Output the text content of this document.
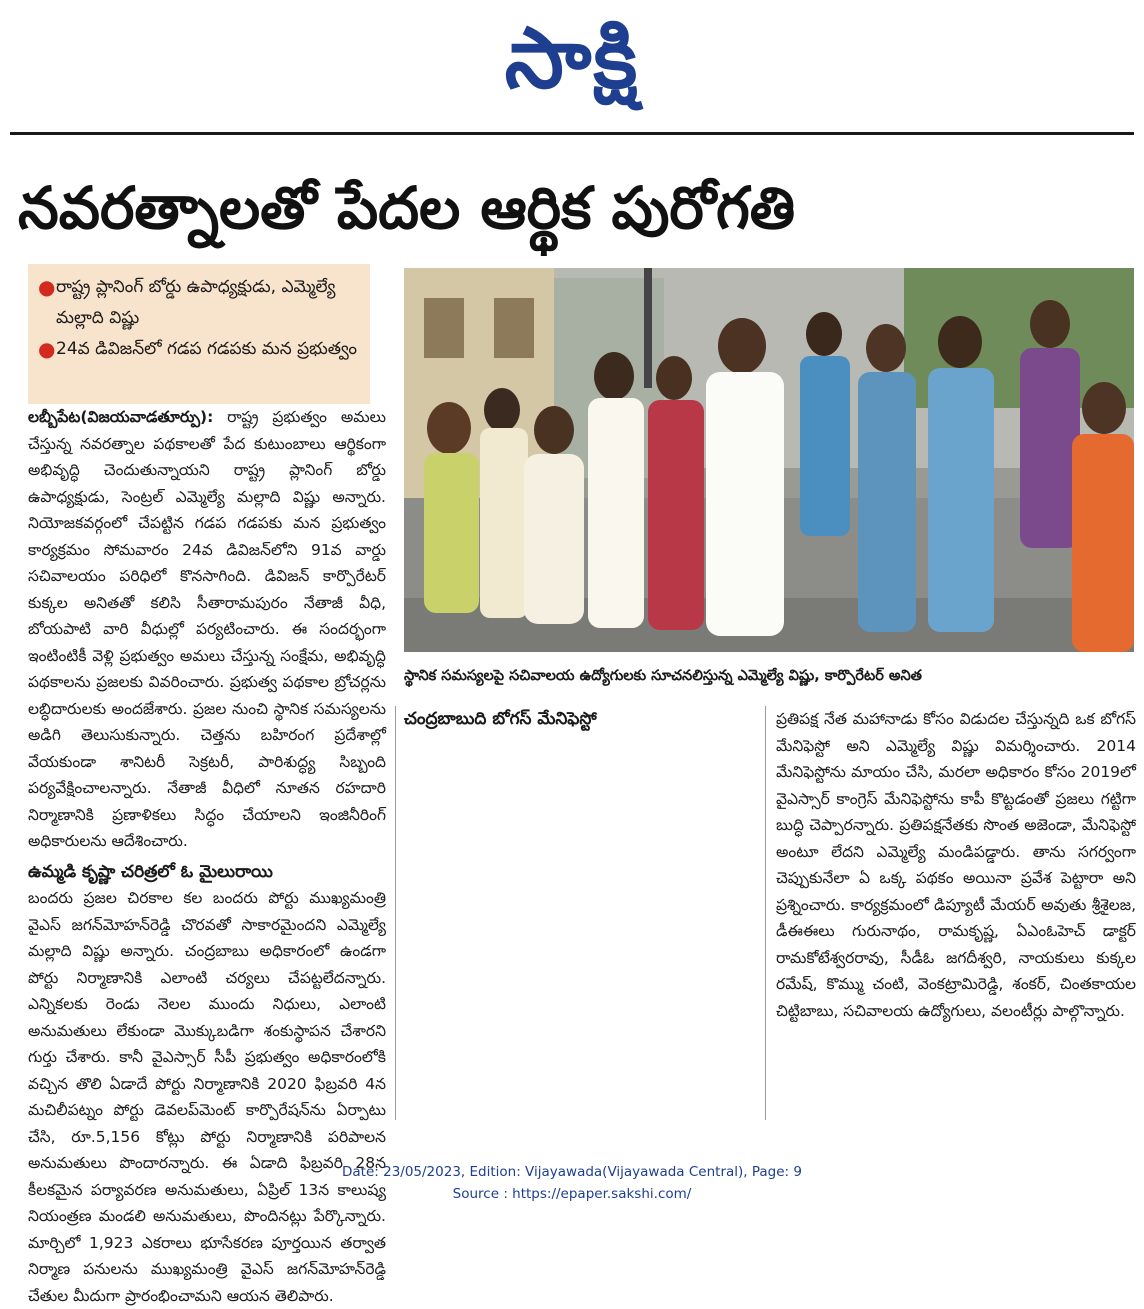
సాక్షి
నవరత్నాలతో పేదల ఆర్థిక పురోగతి
● రాష్ట్ర ప్లానింగ్ బోర్డు ఉపాధ్యక్షుడు, ఎమ్మెల్యే మల్లాది విష్ణు
● 24వ డివిజన్‌లో గడప గడపకు మన ప్రభుత్వం
స్థానిక సమస్యలపై సచివాలయ ఉద్యోగులకు సూచనలిస్తున్న ఎమ్మెల్యే విష్ణు, కార్పొరేటర్ అనిత

లబ్బీపేట(విజయవాడతూర్పు): రాష్ట్ర ప్రభుత్వం అమలు చేస్తున్న నవరత్నాల పథకాలతో పేద కుటుంబాలు ఆర్థికంగా అభివృద్ధి చెందుతున్నాయని రాష్ట్ర ప్లానింగ్ బోర్డు ఉపాధ్యక్షుడు, సెంట్రల్ ఎమ్మెల్యే మల్లాది విష్ణు అన్నారు. నియోజకవర్గంలో చేపట్టిన గడప గడపకు మన ప్రభుత్వం కార్యక్రమం సోమవారం 24వ డివిజన్‌లోని 91వ వార్డు సచివాలయం పరిధిలో కొనసాగింది. డివిజన్ కార్పొరేటర్ కుక్కల అనితతో కలిసి సీతారామపురం నేతాజీ వీధి, బోయపాటి వారి వీధుల్లో పర్యటించారు. ఈ సందర్భంగా ఇంటింటికీ వెళ్లి ప్రభుత్వం అమలు చేస్తున్న సంక్షేమ, అభివృద్ధి పథకాలను ప్రజలకు వివరించారు. ప్రభుత్వ పథకాల బ్రోచర్లను లబ్ధిదారులకు అందజేశారు. ప్రజల నుంచి స్థానిక సమస్యలను అడిగి తెలుసుకున్నారు. చెత్తను బహిరంగ ప్రదేశాల్లో వేయకుండా శానిటరీ సెక్రటరీ, పారిశుద్ధ్య సిబ్బంది పర్యవేక్షించాలన్నారు. నేతాజీ వీధిలో నూతన రహదారి నిర్మాణానికి ప్రణాళికలు సిద్ధం చేయాలని ఇంజినీరింగ్ అధికారులను ఆదేశించారు.

ఉమ్మడి కృష్ణా చరిత్రలో ఓ మైలురాయి

బందరు ప్రజల చిరకాల కల బందరు పోర్టు ముఖ్యమంత్రి వైఎస్ జగన్‌మోహన్‌రెడ్డి చొరవతో సాకారమైందని ఎమ్మెల్యే మల్లాది విష్ణు అన్నారు. చంద్రబాబు అధికారంలో ఉండగా పోర్టు నిర్మాణానికి ఎలాంటి చర్యలు చేపట్టలేదన్నారు. ఎన్నికలకు రెండు నెలల ముందు నిధులు, ఎలాంటి అనుమతులు లేకుండా మొక్కుబడిగా శంకుస్థాపన చేశారని గుర్తు చేశారు. కానీ వైఎస్సార్ సీపీ ప్రభుత్వం అధికారంలోకి వచ్చిన తొలి ఏడాదే పోర్టు నిర్మాణానికి 2020 ఫిబ్రవరి 4న మచిలీపట్నం పోర్టు డెవలప్‌మెంట్ కార్పొరేషన్‌ను ఏర్పాటు చేసి, రూ.5,156 కోట్లు పోర్టు నిర్మాణానికి పరిపాలన అనుమతులు పొందారన్నారు. ఈ ఏడాది ఫిబ్రవరి 28న కీలకమైన పర్యావరణ అనుమతులు, ఏప్రిల్ 13న కాలుష్య నియంత్రణ మండలి అనుమతులు, పొందినట్లు పేర్కొన్నారు. మార్చిలో 1,923 ఎకరాలు భూసేకరణ పూర్తయిన తర్వాత నిర్మాణ పనులను ముఖ్యమంత్రి వైఎస్ జగన్‌మోహన్‌రెడ్డి చేతుల మీదుగా ప్రారంభించామని ఆయన తెలిపారు.

చంద్రబాబుది బోగస్ మేనిఫెస్టో	ప్రతిపక్ష నేత మహానాడు కోసం విడుదల చేస్తున్నది ఒక బోగస్ మేనిఫెస్టో అని ఎమ్మెల్యే విష్ణు విమర్శించారు. 2014 మేనిఫెస్టోను మాయం చేసి, మరలా అధికారం కోసం 2019లో వైఎస్సార్ కాంగ్రెస్ మేనిఫెస్టోను కాపీ కొట్టడంతో ప్రజలు గట్టిగా బుద్ధి చెప్పారన్నారు. ప్రతిపక్షనేతకు సొంత అజెండా, మేనిఫెస్టో అంటూ లేదని ఎమ్మెల్యే మండిపడ్డారు. తాను సగర్వంగా చెప్పుకునేలా ఏ ఒక్క పథకం అయినా ప్రవేశ పెట్టారా అని ప్రశ్నించారు. కార్యక్రమంలో డిప్యూటీ మేయర్ అవుతు శ్రీశైలజ, డీఈఈలు గురునాథం, రామకృష్ణ, ఏఎంఓహెచ్ డాక్టర్ రామకోటేశ్వరరావు, సీడీఓ జగదీశ్వరి, నాయకులు కుక్కల రమేష్, కొమ్ము చంటి, వెంకట్రామిరెడ్డి, శంకర్, చింతకాయల చిట్టిబాబు, సచివాలయ ఉద్యోగులు, వలంటీర్లు పాల్గొన్నారు.

Date: 23/05/2023, Edition: Vijayawada(Vijayawada Central), Page: 9
Source : https://epaper.sakshi.com/
